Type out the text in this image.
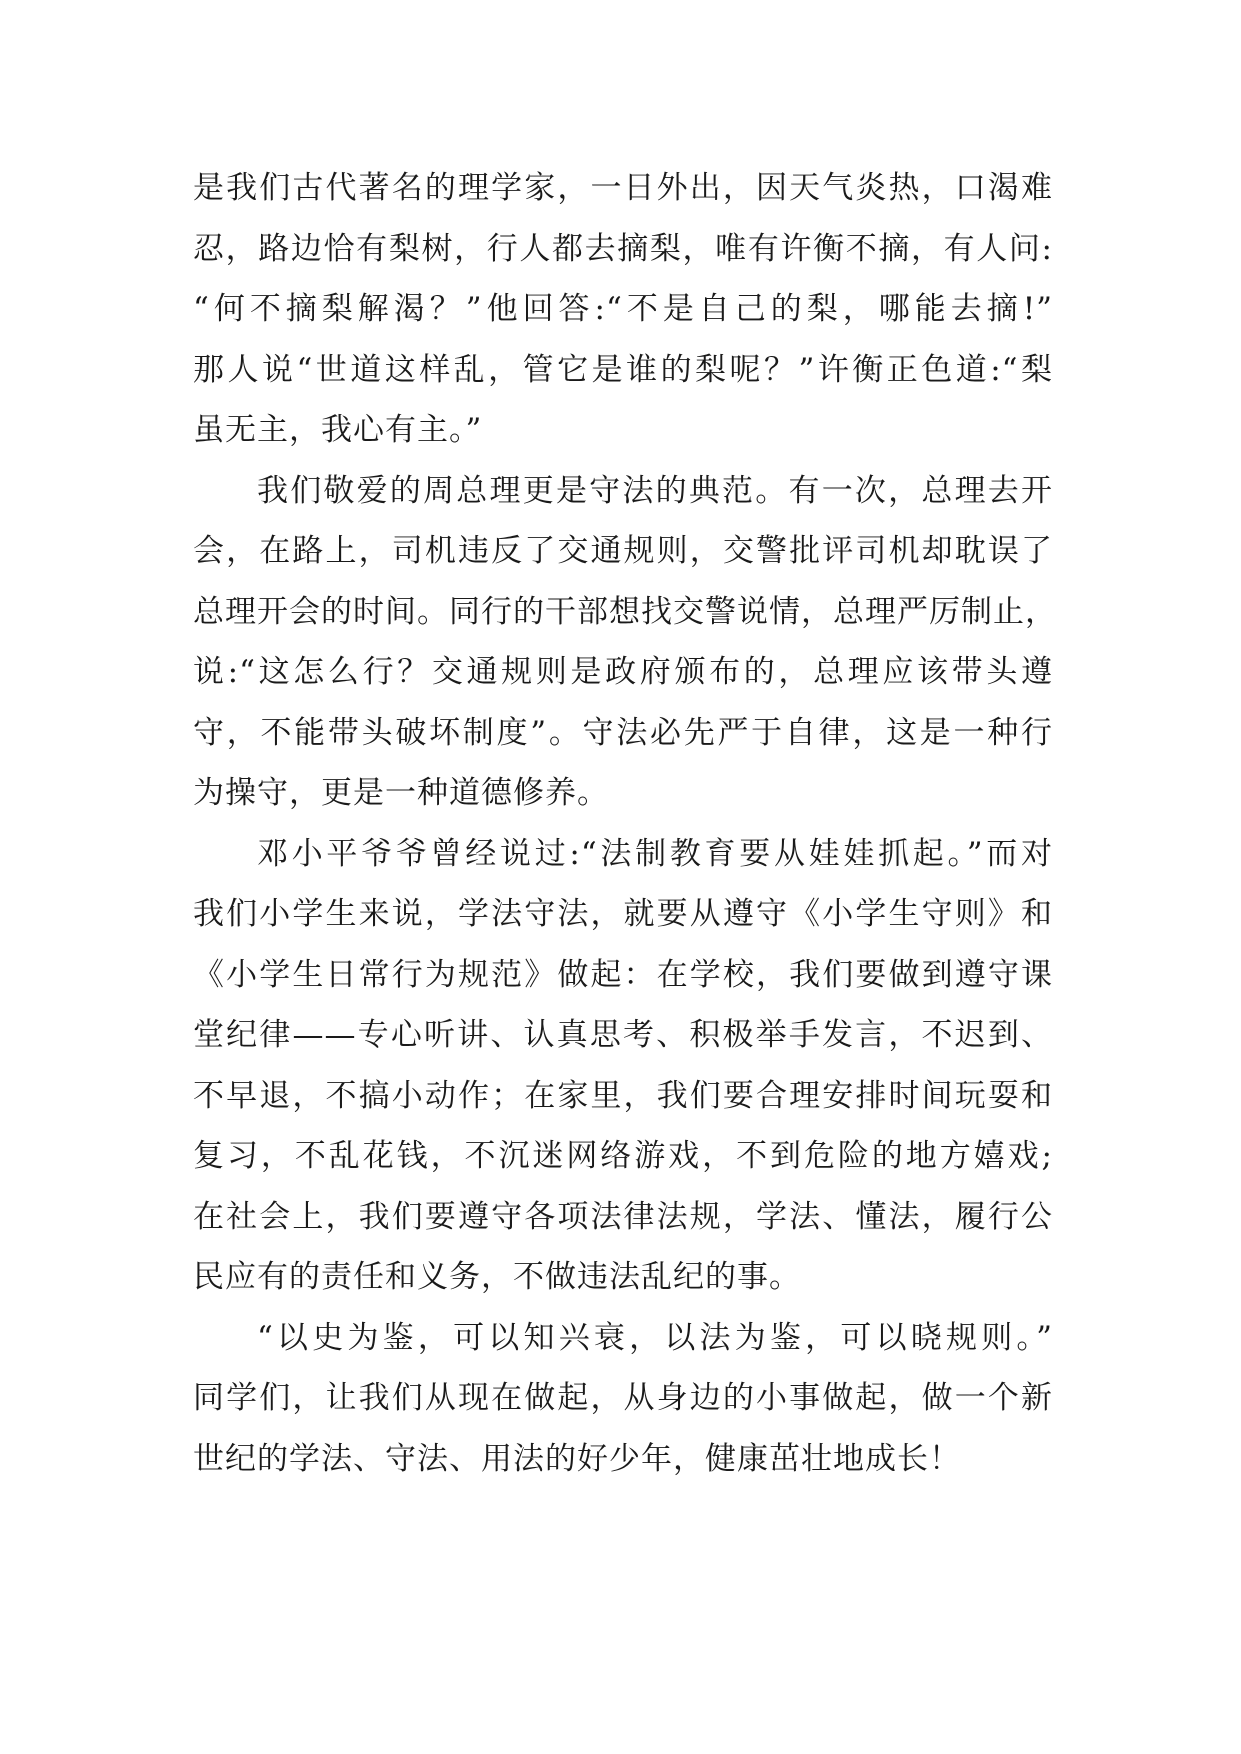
是我们古代著名的理学家，一日外出，因天气炎热，口渴难
忍，路边恰有梨树，行人都去摘梨，唯有许衡不摘，有人问:
“何不摘梨解渴？”他回答:“不是自己的梨，哪能去摘!”
那人说“世道这样乱，管它是谁的梨呢？”许衡正色道:“梨
虽无主，我心有主。”
我们敬爱的周总理更是守法的典范。有一次，总理去开
会，在路上，司机违反了交通规则，交警批评司机却耽误了
总理开会的时间。同行的干部想找交警说情，总理严厉制止，
说:“这怎么行？交通规则是政府颁布的，总理应该带头遵
守，不能带头破坏制度”。守法必先严于自律，这是一种行
为操守，更是一种道德修养。
邓小平爷爷曾经说过:“法制教育要从娃娃抓起。”而对
我们小学生来说，学法守法，就要从遵守《小学生守则》和
《小学生日常行为规范》做起：在学校，我们要做到遵守课
堂纪律——专心听讲、认真思考、积极举手发言，不迟到、
不早退，不搞小动作；在家里，我们要合理安排时间玩耍和
复习，不乱花钱，不沉迷网络游戏，不到危险的地方嬉戏;
在社会上，我们要遵守各项法律法规，学法、懂法，履行公
民应有的责任和义务，不做违法乱纪的事。
“以史为鉴，可以知兴衰，以法为鉴，可以晓规则。”
同学们，让我们从现在做起，从身边的小事做起，做一个新
世纪的学法、守法、用法的好少年，健康茁壮地成长！
